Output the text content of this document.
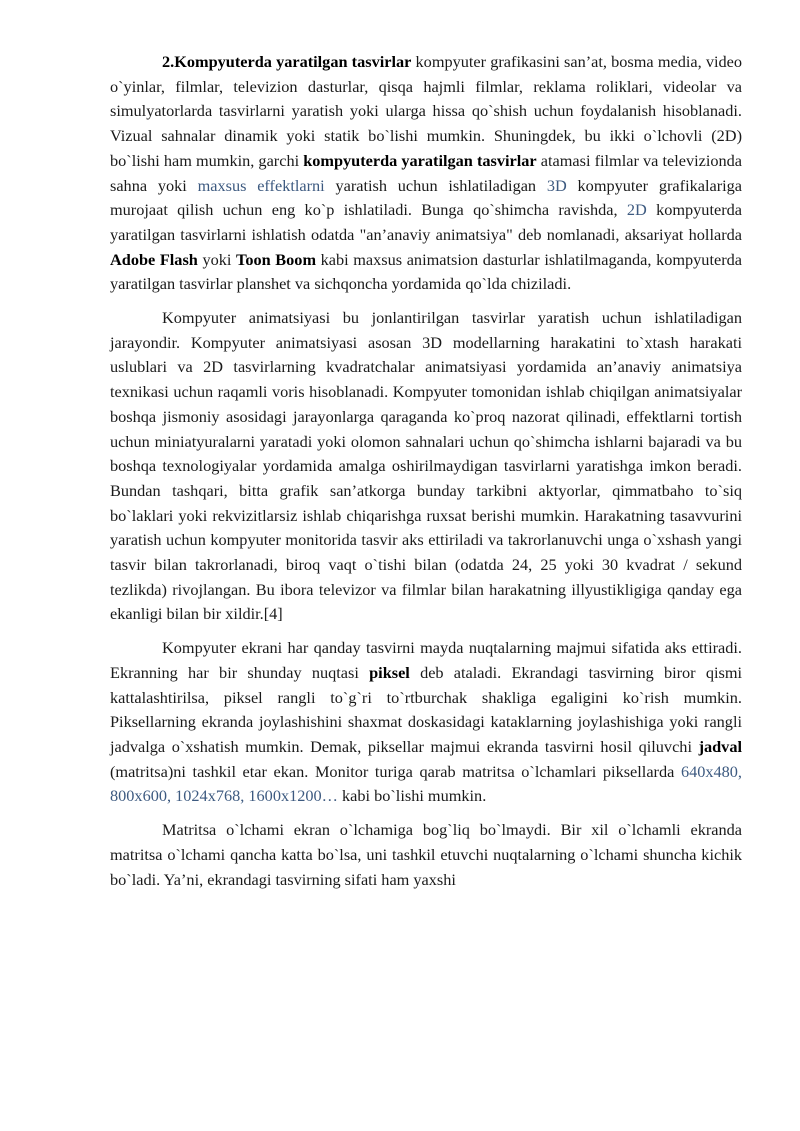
2.Kompyuterda yaratilgan tasvirlar kompyuter grafikasini san’at, bosma media, video o`yinlar, filmlar, televizion dasturlar, qisqa hajmli filmlar, reklama roliklari, videolar va simulyatorlarda tasvirlarni yaratish yoki ularga hissa qo`shish uchun foydalanish hisoblanadi. Vizual sahnalar dinamik yoki statik bo`lishi mumkin. Shuningdek, bu ikki o`lchovli (2D) bo`lishi ham mumkin, garchi kompyuterda yaratilgan tasvirlar atamasi filmlar va televizionda sahna yoki maxsus effektlarni yaratish uchun ishlatiladigan 3D kompyuter grafikalariga murojaat qilish uchun eng ko`p ishlatiladi. Bunga qo`shimcha ravishda, 2D kompyuterda yaratilgan tasvirlarni ishlatish odatda "an’anaviy animatsiya" deb nomlanadi, aksariyat hollarda Adobe Flash yoki Toon Boom kabi maxsus animatsion dasturlar ishlatilmaganda, kompyuterda yaratilgan tasvirlar planshet va sichqoncha yordamida qo`lda chiziladi.

Kompyuter animatsiyasi bu jonlantirilgan tasvirlar yaratish uchun ishlatiladigan jarayondir. Kompyuter animatsiyasi asosan 3D modellarning harakatini to`xtash harakati uslublari va 2D tasvirlarning kvadratchalar animatsiyasi yordamida an’anaviy animatsiya texnikasi uchun raqamli voris hisoblanadi. Kompyuter tomonidan ishlab chiqilgan animatsiyalar boshqa jismoniy asosidagi jarayonlarga qaraganda ko`proq nazorat qilinadi, effektlarni tortish uchun miniatyuralarni yaratadi yoki olomon sahnalari uchun qo`shimcha ishlarni bajaradi va bu boshqa texnologiyalar yordamida amalga oshirilmaydigan tasvirlarni yaratishga imkon beradi. Bundan tashqari, bitta grafik san’atkorga bunday tarkibni aktyorlar, qimmatbaho to`siq bo`laklari yoki rekvizitlarsiz ishlab chiqarishga ruxsat berishi mumkin. Harakatning tasavvurini yaratish uchun kompyuter monitorida tasvir aks ettiriladi va takrorlanuvchi unga o`xshash yangi tasvir bilan takrorlanadi, biroq vaqt o`tishi bilan (odatda 24, 25 yoki 30 kvadrat / sekund tezlikda) rivojlangan. Bu ibora televizor va filmlar bilan harakatning illyustikligiga qanday ega ekanligi bilan bir xildir.[4]

Kompyuter ekrani har qanday tasvirni mayda nuqtalarning majmui sifatida aks ettiradi. Ekranning har bir shunday nuqtasi piksel deb ataladi. Ekrandagi tasvirning biror qismi kattalashtirilsa, piksel rangli to`g`ri to`rtburchak shakliga egaligini ko`rish mumkin. Piksellarning ekranda joylashishini shaxmat doskasidagi kataklarning joylashishiga yoki rangli jadvalga o`xshatish mumkin. Demak, piksellar majmui ekranda tasvirni hosil qiluvchi jadval (matritsa)ni tashkil etar ekan. Monitor turiga qarab matritsa o`lchamlari piksellarda 640x480, 800x600, 1024x768, 1600x1200… kabi bo`lishi mumkin.

Matritsa o`lchami ekran o`lchamiga bog`liq bo`lmaydi. Bir xil o`lchamli ekranda matritsa o`lchami qancha katta bo`lsa, uni tashkil etuvchi nuqtalarning o`lchami shuncha kichik bo`ladi. Ya’ni, ekrandagi tasvirning sifati ham yaxshi
